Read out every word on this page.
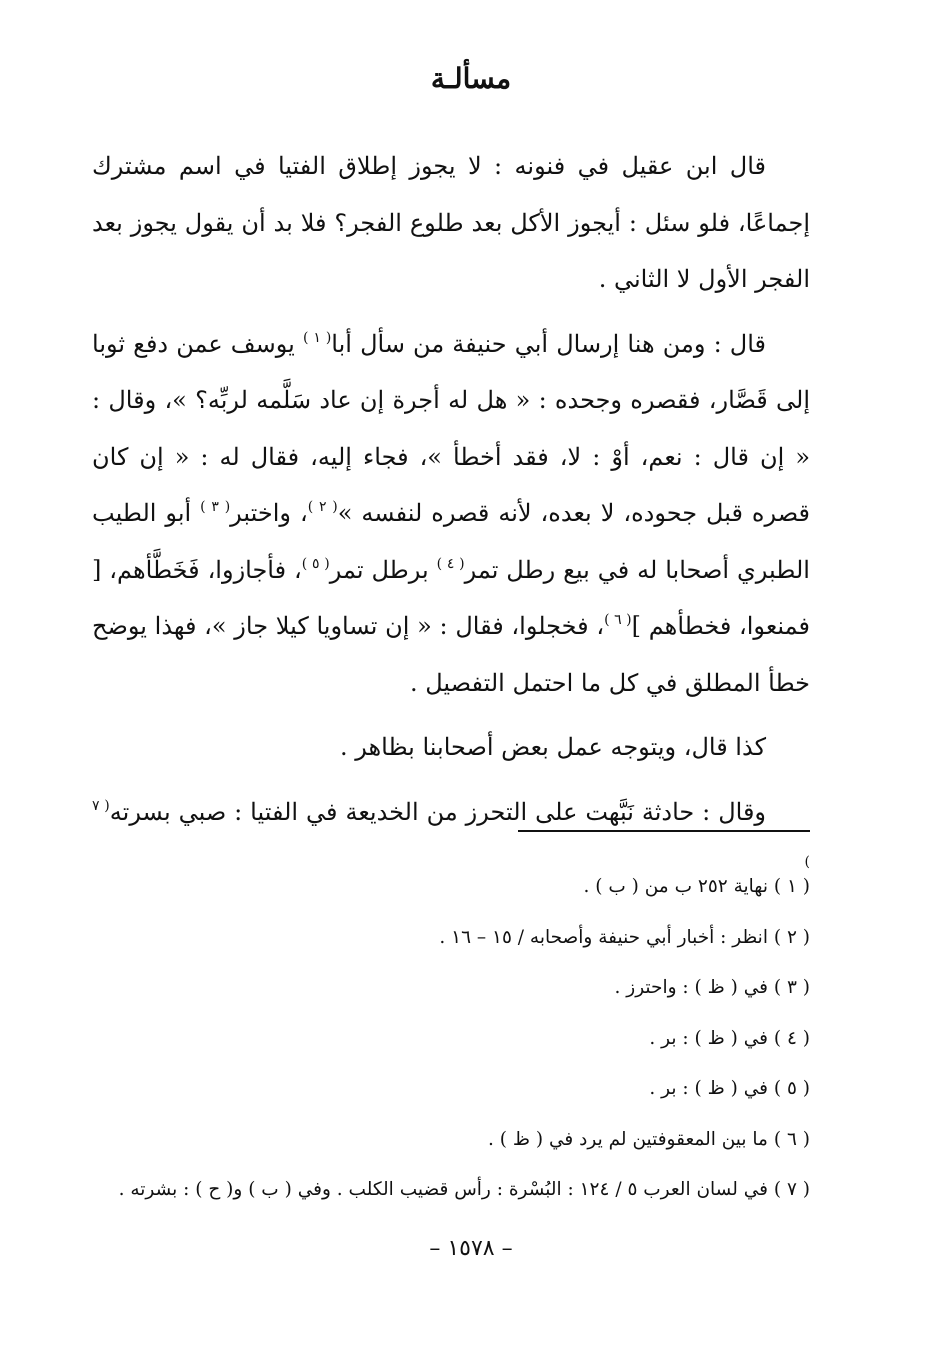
مسألـة

قال ابن عقيل في فنونه : لا يجوز إطلاق الفتيا في اسم مشترك إجماعًا، فلو سئل : أيجوز الأكل بعد طلوع الفجر؟ فلا بد أن يقول يجوز بعد الفجر الأول لا الثاني .

قال : ومن هنا إرسال أبي حنيفة من سأل أبا$^{( ١ )}$ يوسف عمن دفع ثوبا إلى قَصَّار، فقصره وجحده : « هل له أجرة إن عاد سَلَّمه لربِّه؟ »، وقال : « إن قال : نعم، أوْ : لا، فقد أخطأ »، فجاء إليه، فقال له : « إن كان قصره قبل جحوده، لا بعده، لأنه قصره لنفسه »$^{( ٢ )}$، واختبر$^{( ٣ )}$ أبو الطيب الطبري أصحابا له في بيع رطل تمر$^{( ٤ )}$ برطل تمر$^{( ٥ )}$، فأجازوا، فَخَطَّأهم، [ فمنعوا، فخطأهم ]$^{( ٦ )}$، فخجلوا، فقال : « إن تساويا كيلا جاز »، فهذا يوضح خطأ المطلق في كل ما احتمل التفصيل .

كذا قال، ويتوجه عمل بعض أصحابنا بظاهر .

وقال : حادثة نَبَّهت على التحرز من الخديعة في الفتيا : صبي بسرته$^{( ٧ )}$

( ١ ) نهاية ٢٥٢ ب من ( ب ) .
( ٢ ) انظر : أخبار أبي حنيفة وأصحابه / ١٥ – ١٦ .
( ٣ ) في ( ظ ) : واحترز .
( ٤ ) في ( ظ ) : بر .
( ٥ ) في ( ظ ) : بر .
( ٦ ) ما بين المعقوفتين لم يرد في ( ظ ) .
( ٧ ) في لسان العرب ٥ / ١٢٤ : البُسْرة : رأس قضيب الكلب . وفي ( ب ) و( ح ) : بشرته .
– ١٥٧٨ –
